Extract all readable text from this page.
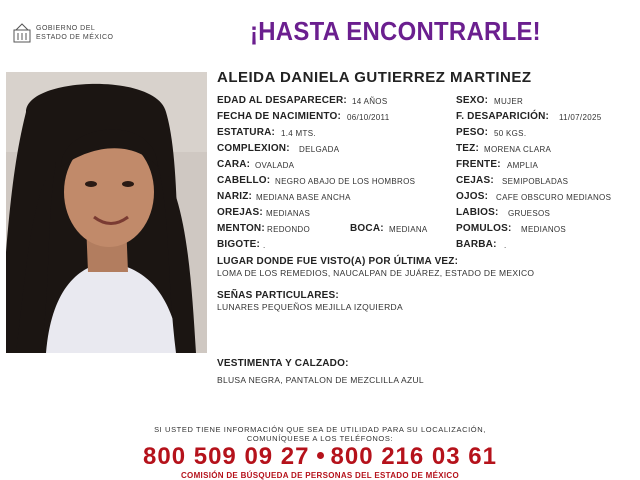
GOBIERNO DEL
ESTADO DE MÉXICO	¡HASTA ENCONTRARLE!
ALEIDA DANIELA GUTIERREZ MARTINEZ
EDAD AL DESAPARECER: 14 AÑOS
FECHA DE NACIMIENTO: 06/10/2011
ESTATURA: 1.4 MTS.
COMPLEXION: DELGADA
CARA: OVALADA
CABELLO: NEGRO ABAJO DE LOS HOMBROS
NARIZ: MEDIANA BASE ANCHA
OREJAS: MEDIANAS
MENTON: REDONDO	BOCA: MEDIANA
BIGOTE: .
SEXO: MUJER
F. DESAPARICIÓN: 11/07/2025
PESO: 50 KGS.
TEZ: MORENA CLARA
FRENTE: AMPLIA
CEJAS: SEMIPOBLADAS
OJOS: CAFE OBSCURO MEDIANOS
LABIOS: GRUESOS
POMULOS: MEDIANOS
BARBA: .
LUGAR DONDE FUE VISTO(A) POR ÚLTIMA VEZ:
LOMA DE LOS REMEDIOS, NAUCALPAN DE JUÁREZ, ESTADO DE MEXICO
SEÑAS PARTICULARES:
LUNARES PEQUEÑOS MEJILLA IZQUIERDA
VESTIMENTA Y CALZADO:
BLUSA NEGRA, PANTALON DE MEZCLILLA AZUL
SI USTED TIENE INFORMACIÓN QUE SEA DE UTILIDAD PARA SU LOCALIZACIÓN,
COMUNÍQUESE A LOS TELÉFONOS:
800 509 09 27 800 216 03 61
COMISIÓN DE BÚSQUEDA DE PERSONAS DEL ESTADO DE MÉXICO
